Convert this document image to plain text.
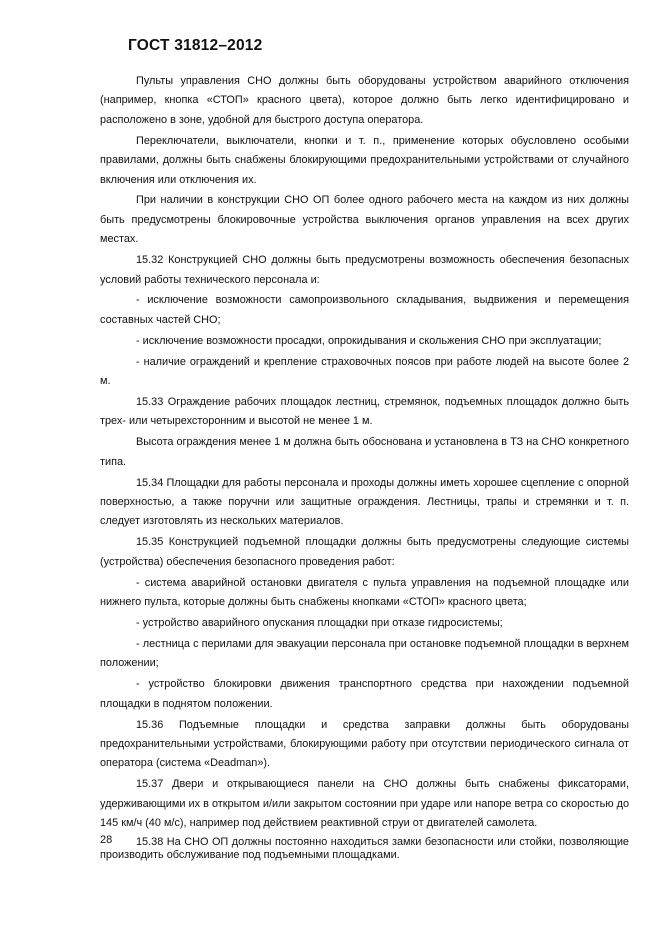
ГОСТ 31812–2012

Пульты управления СНО должны быть оборудованы устройством аварийного отключения (например, кнопка «СТОП» красного цвета), которое должно быть легко идентифицировано и расположено в зоне, удобной для быстрого доступа оператора.

Переключатели, выключатели, кнопки и т. п., применение которых обусловлено особыми правилами, должны быть снабжены блокирующими предохранительными устройствами от случайного включения или отключения их.

При наличии в конструкции СНО ОП более одного рабочего места на каждом из них должны быть предусмотрены блокировочные устройства выключения органов управления на всех других местах.

15.32 Конструкцией СНО должны быть предусмотрены возможность обеспечения безопасных условий работы технического персонала и:

- исключение возможности самопроизвольного складывания, выдвижения и перемещения составных частей СНО;

- исключение возможности просадки, опрокидывания и скольжения СНО при эксплуатации;

- наличие ограждений и крепление страховочных поясов при работе людей на высоте более 2 м.

15.33 Ограждение рабочих площадок лестниц, стремянок, подъемных площадок должно быть трех- или четырехсторонним и высотой не менее 1 м.

Высота ограждения менее 1 м должна быть обоснована и установлена в ТЗ на СНО конкретного типа.

15.34 Площадки для работы персонала и проходы должны иметь хорошее сцепление с опорной поверхностью, а также поручни или защитные ограждения. Лестницы, трапы и стремянки и т. п. следует изготовлять из нескольких материалов.

15.35 Конструкцией подъемной площадки должны быть предусмотрены следующие системы (устройства) обеспечения безопасного проведения работ:

- система аварийной остановки двигателя с пульта управления на подъемной площадке или нижнего пульта, которые должны быть снабжены кнопками «СТОП» красного цвета;

- устройство аварийного опускания площадки при отказе гидросистемы;

- лестница с перилами для эвакуации персонала при остановке подъемной площадки в верхнем положении;

- устройство блокировки движения транспортного средства при нахождении подъемной площадки в поднятом положении.

15.36 Подъемные площадки и средства заправки должны быть оборудованы предохранительными устройствами, блокирующими работу при отсутствии периодического сигнала от оператора (система «Deadman»).

15.37 Двери и открывающиеся панели на СНО должны быть снабжены фиксаторами, удерживающими их в открытом и/или закрытом состоянии при ударе или напоре ветра со скоростью до 145 км/ч (40 м/с), например под действием реактивной струи от двигателей самолета.

15.38 На СНО ОП должны постоянно находиться замки безопасности или стойки, позволяющие производить обслуживание под подъемными площадками.

28
